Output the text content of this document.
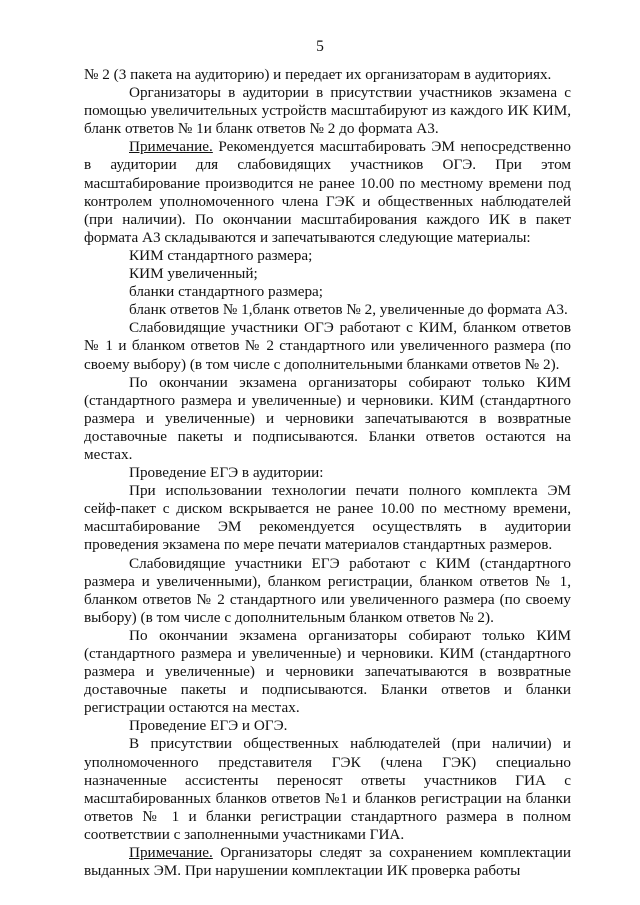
5

№ 2 (3 пакета на аудиторию) и передает их организаторам в аудиториях.

Организаторы в аудитории в присутствии участников экзамена с помощью увеличительных устройств масштабируют из каждого ИК КИМ, бланк ответов № 1и бланк ответов № 2 до формата А3.

Примечание. Рекомендуется масштабировать ЭМ непосредственно в аудитории для слабовидящих участников ОГЭ. При этом масштабирование производится не ранее 10.00 по местному времени под контролем уполномоченного члена ГЭК и общественных наблюдателей (при наличии). По окончании масштабирования каждого ИК в пакет формата А3 складываются и запечатываются следующие материалы:

КИМ стандартного размера;

КИМ увеличенный;

бланки стандартного размера;

бланк ответов № 1,бланк ответов № 2, увеличенные до формата А3.

Слабовидящие участники ОГЭ работают с КИМ, бланком ответов № 1 и бланком ответов № 2 стандартного или увеличенного размера (по своему выбору) (в том числе с дополнительными бланками ответов № 2).

По окончании экзамена организаторы собирают только КИМ (стандартного размера и увеличенные) и черновики. КИМ (стандартного размера и увеличенные) и черновики запечатываются в возвратные доставочные пакеты и подписываются. Бланки ответов остаются на местах.

Проведение ЕГЭ в аудитории:

При использовании технологии печати полного комплекта ЭМ сейф-пакет с диском вскрывается не ранее 10.00 по местному времени, масштабирование ЭМ рекомендуется осуществлять в аудитории проведения экзамена по мере печати материалов стандартных размеров.

Слабовидящие участники ЕГЭ работают с КИМ (стандартного размера и увеличенными), бланком регистрации, бланком ответов № 1, бланком ответов № 2 стандартного или увеличенного размера (по своему выбору) (в том числе с дополнительным бланком ответов № 2).

По окончании экзамена организаторы собирают только КИМ (стандартного размера и увеличенные) и черновики. КИМ (стандартного размера и увеличенные) и черновики запечатываются в возвратные доставочные пакеты и подписываются. Бланки ответов и бланки регистрации остаются на местах.

Проведение ЕГЭ и ОГЭ.

В присутствии общественных наблюдателей (при наличии) и уполномоченного представителя ГЭК (члена ГЭК) специально назначенные ассистенты переносят ответы участников ГИА с масштабированных бланков ответов №1 и бланков регистрации на бланки ответов № 1 и бланки регистрации стандартного размера в полном соответствии с заполненными участниками ГИА.

Примечание. Организаторы следят за сохранением комплектации выданных ЭМ. При нарушении комплектации ИК проверка работы
